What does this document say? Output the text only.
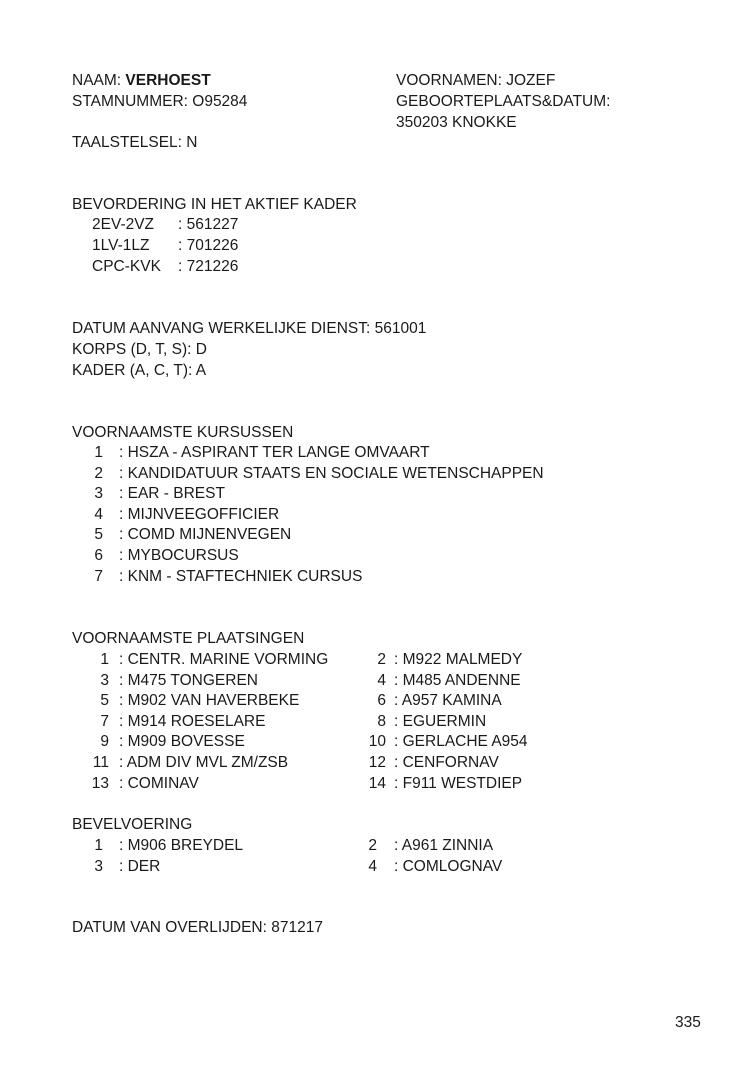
NAAM: VERHOEST
STAMNUMMER: O95284
TAALSTELSEL: N
VOORNAMEN: JOZEF
GEBOORTEPLAATS&DATUM:
350203 KNOKKE
BEVORDERING IN HET AKTIEF KADER
2EV-2VZ : 561227
1LV-1LZ : 701226
CPC-KVK : 721226
DATUM AANVANG WERKELIJKE DIENST: 561001
KORPS (D, T, S): D
KADER (A, C, T): A
VOORNAAMSTE KURSUSSEN
1 : HSZA - ASPIRANT TER LANGE OMVAART
2 : KANDIDATUUR STAATS EN SOCIALE WETENSCHAPPEN
3 : EAR - BREST
4 : MIJNVEEGOFFICIER
5 : COMD MIJNENVEGEN
6 : MYBOCURSUS
7 : KNM - STAFTECHNIEK CURSUS
VOORNAAMSTE PLAATSINGEN
1 : CENTR. MARINE VORMING
3 : M475 TONGEREN
5 : M902 VAN HAVERBEKE
7 : M914 ROESELARE
9 : M909 BOVESSE
11 : ADM DIV MVL ZM/ZSB
13 : COMINAV
2 : M922 MALMEDY
4 : M485 ANDENNE
6 : A957 KAMINA
8 : EGUERMIN
10 : GERLACHE A954
12 : CENFORNAV
14 : F911 WESTDIEP
BEVELVOERING
1 : M906 BREYDEL
3 : DER
2 : A961 ZINNIA
4 : COMLOGNAV
DATUM VAN OVERLIJDEN: 871217
335
